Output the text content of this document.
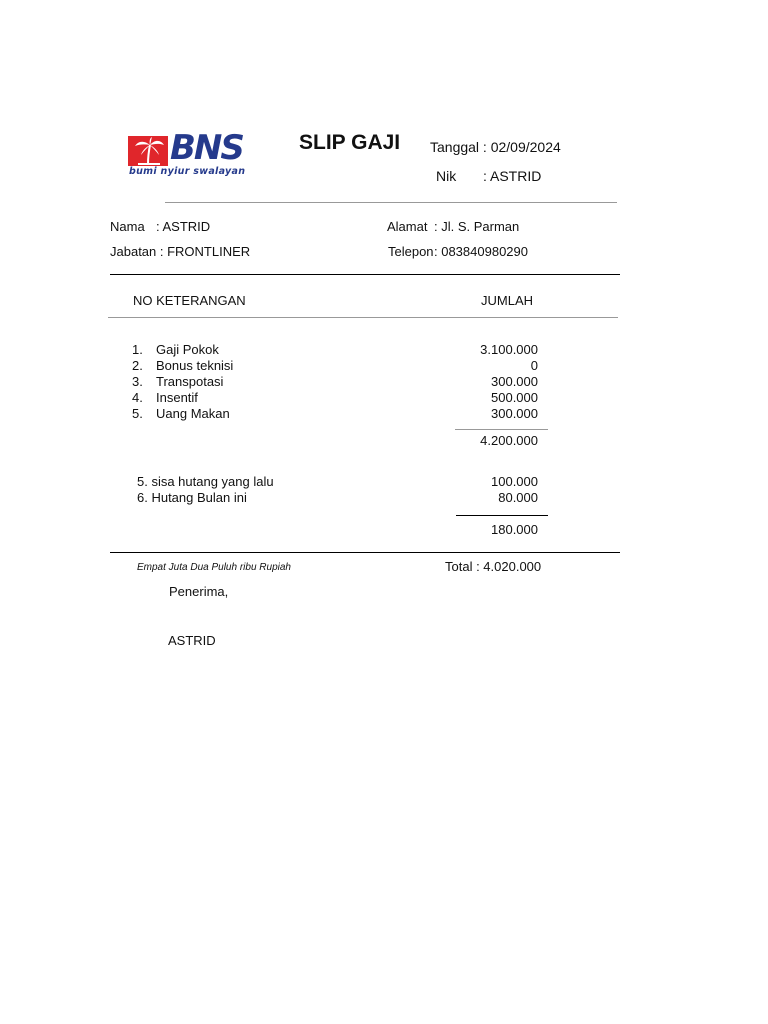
BNS
bumi nyiur swalayan
SLIP GAJI Tanggal : 02/09/2024
Nik : ASTRID
Nama : ASTRID
Jabatan : FRONTLINER
Alamat : Jl. S. Parman
Telepon : 083840980290
NO KETERANGAN	JUMLAH
1. Gaji Pokok	3.100.000
2. Bonus teknisi	0
3. Transpotasi	300.000
4. Insentif	500.000
5. Uang Makan	300.000
4.200.000
5. sisa hutang yang lalu	100.000
6. Hutang Bulan ini	80.000
180.000
Empat Juta Dua Puluh ribu Rupiah	Total : 4.020.000
Penerima,
ASTRID
